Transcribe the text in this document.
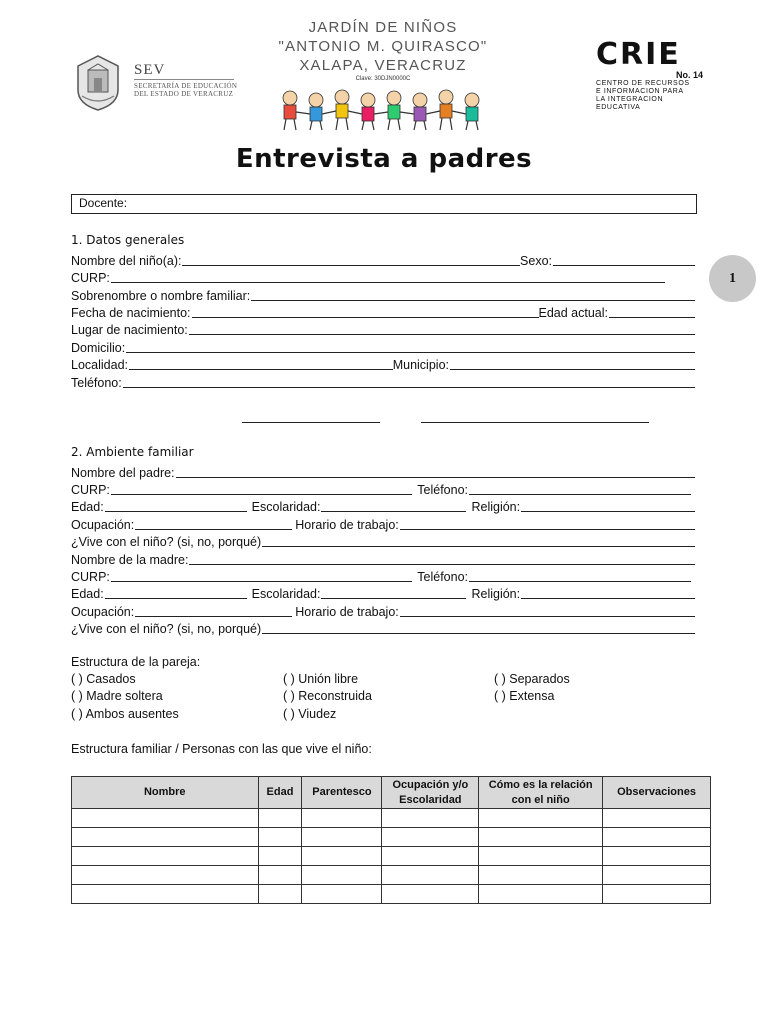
SEV
SECRETARÍA DE EDUCACIÓN
DEL ESTADO DE VERACRUZ
JARDÍN DE NIÑOS
"ANTONIO M. QUIRASCO"
XALAPA, VERACRUZ
Clave: 30DJN0000C
CRIE
No. 14
CENTRO DE RECURSOS
E INFORMACION PARA
LA INTEGRACION EDUCATIVA
Entrevista a padres
Docente:
1
1. Datos generales
Nombre del niño(a):	Sexo:
CURP:
Sobrenombre o nombre familiar:
Fecha de nacimiento:	Edad actual:
Lugar de nacimiento:
Domicilio:
Localidad:	Municipio:
Teléfono:
2. Ambiente familiar
Nombre del padre:
CURP:	Teléfono:
Edad:	Escolaridad:	Religión:
Ocupación:	Horario de trabajo:
¿Vive con el niño? (si, no, porqué)
Nombre de la madre:
CURP:	Teléfono:
Edad:	Escolaridad:	Religión:
Ocupación:	Horario de trabajo:
¿Vive con el niño? (si, no, porqué)
Estructura de la pareja:
( ) Casados	( ) Unión libre	( ) Separados
( ) Madre soltera	( ) Reconstruida	( ) Extensa
( ) Ambos ausentes	( ) Viudez
Estructura familiar / Personas con las que vive el niño:
Nombre	Edad	Parentesco	Ocupación y/o Escolaridad	Cómo es la relación con el niño	Observaciones
